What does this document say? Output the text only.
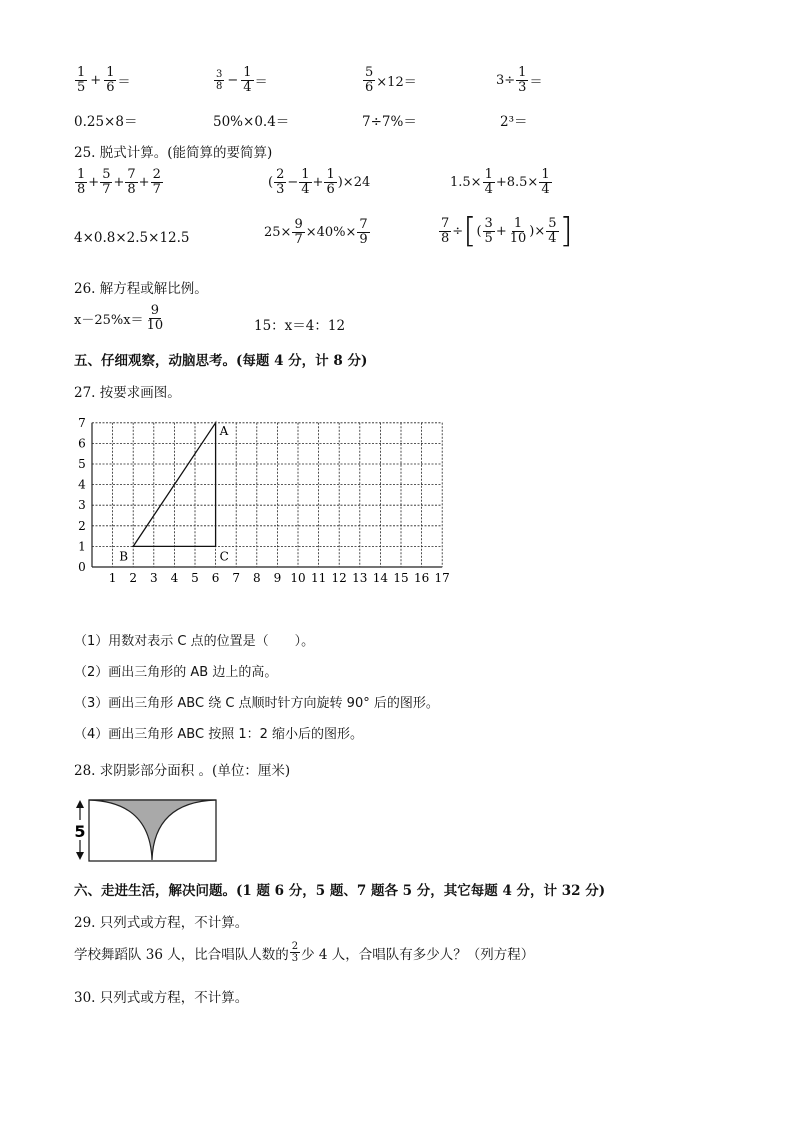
$\frac{1}{5} + \frac{1}{6}$ ＝	$\frac{3}{8} - \frac{1}{4}$ ＝	$\frac{5}{6} \times 12=$	$3\div \frac{1}{3}$ ＝
0.25×8＝	50%×0.4＝	7÷7%＝	2³＝
25. 脱式计算。(能简算的要简算)
$\frac{1}{8} + \frac{5}{7} + \frac{7}{8} + \frac{2}{7}$	( $\frac{2}{3} - \frac{1}{4} + \frac{1}{6} )\times 24$	$1.5\times \frac{1}{4} +8.5\times \frac{1}{4}$
4×0.8×2.5×12.5	$25\times \frac{9}{7} \times 40\%\times \frac{7}{9}$	$\frac{7}{8}$ ÷ [ ( $\frac{3}{5} + \frac{1}{10}$ )× $\frac{5}{4}$ ]
26. 解方程或解比例。
$x-25\%x= \frac{9}{10}$	15：x＝4：12
五、仔细观察，动脑思考。(每题 4 分，计 8 分)
27. 按要求画图。
0
1
2
3
4
5
6
7
1 2 3 4 5 6 7 8 9 10 11 12 13 14 15 16 17
A
B	C
（1）用数对表示 C 点的位置是（　　）。
（2）画出三角形的 AB 边上的高。
（3）画出三角形 ABC 绕 C 点顺时针方向旋转 90° 后的图形。
（4）画出三角形 ABC 按照 1：2 缩小后的图形。
28. 求阴影部分面积 。(单位：厘米)
5
六、走进生活，解决问题。(1 题 6 分，5 题、7 题各 5 分，其它每题 4 分，计 32 分)
29. 只列式或方程，不计算。
学校舞蹈队 36 人，比合唱队人数的 $\frac{2}{3}$ 少 4 人，合唱队有多少人？（列方程）
30. 只列式或方程，不计算。
